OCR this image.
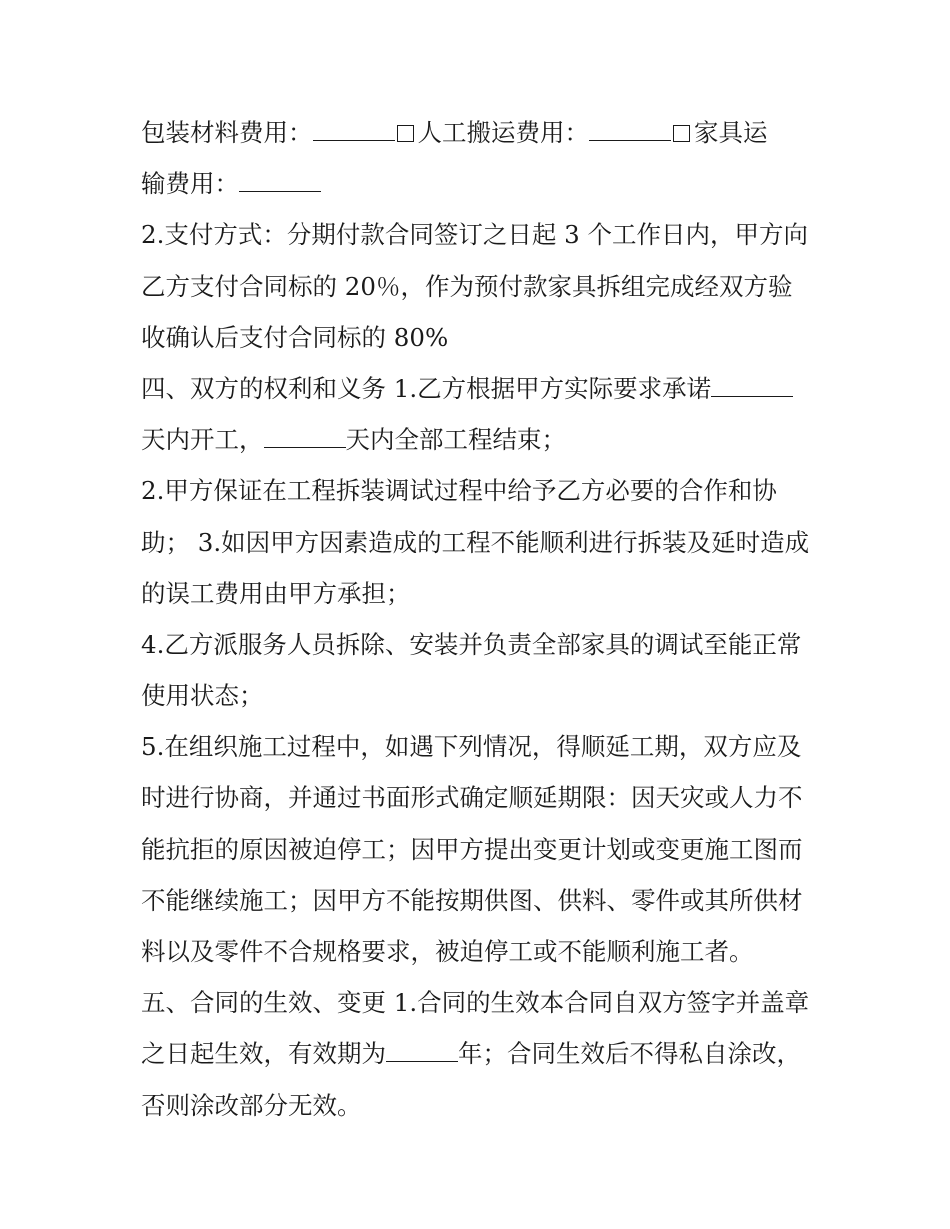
包装材料费用：	人工搬运费用：	家具运
输费用：
2.支付方式：分期付款合同签订之日起 3 个工作日内，甲方向
乙方支付合同标的 20％，作为预付款家具拆组完成经双方验
收确认后支付合同标的 80%
四、双方的权利和义务 1.乙方根据甲方实际要求承诺
天内开工，	天内全部工程结束；
2.甲方保证在工程拆装调试过程中给予乙方必要的合作和协
助； 3.如因甲方因素造成的工程不能顺利进行拆装及延时造成
的误工费用由甲方承担；
4.乙方派服务人员拆除、安装并负责全部家具的调试至能正常
使用状态；
5.在组织施工过程中，如遇下列情况，得顺延工期，双方应及
时进行协商，并通过书面形式确定顺延期限：因天灾或人力不
能抗拒的原因被迫停工；因甲方提出变更计划或变更施工图而
不能继续施工；因甲方不能按期供图、供料、零件或其所供材
料以及零件不合规格要求，被迫停工或不能顺利施工者。
五、合同的生效、变更 1.合同的生效本合同自双方签字并盖章
之日起生效，有效期为	年；合同生效后不得私自涂改，
否则涂改部分无效。
